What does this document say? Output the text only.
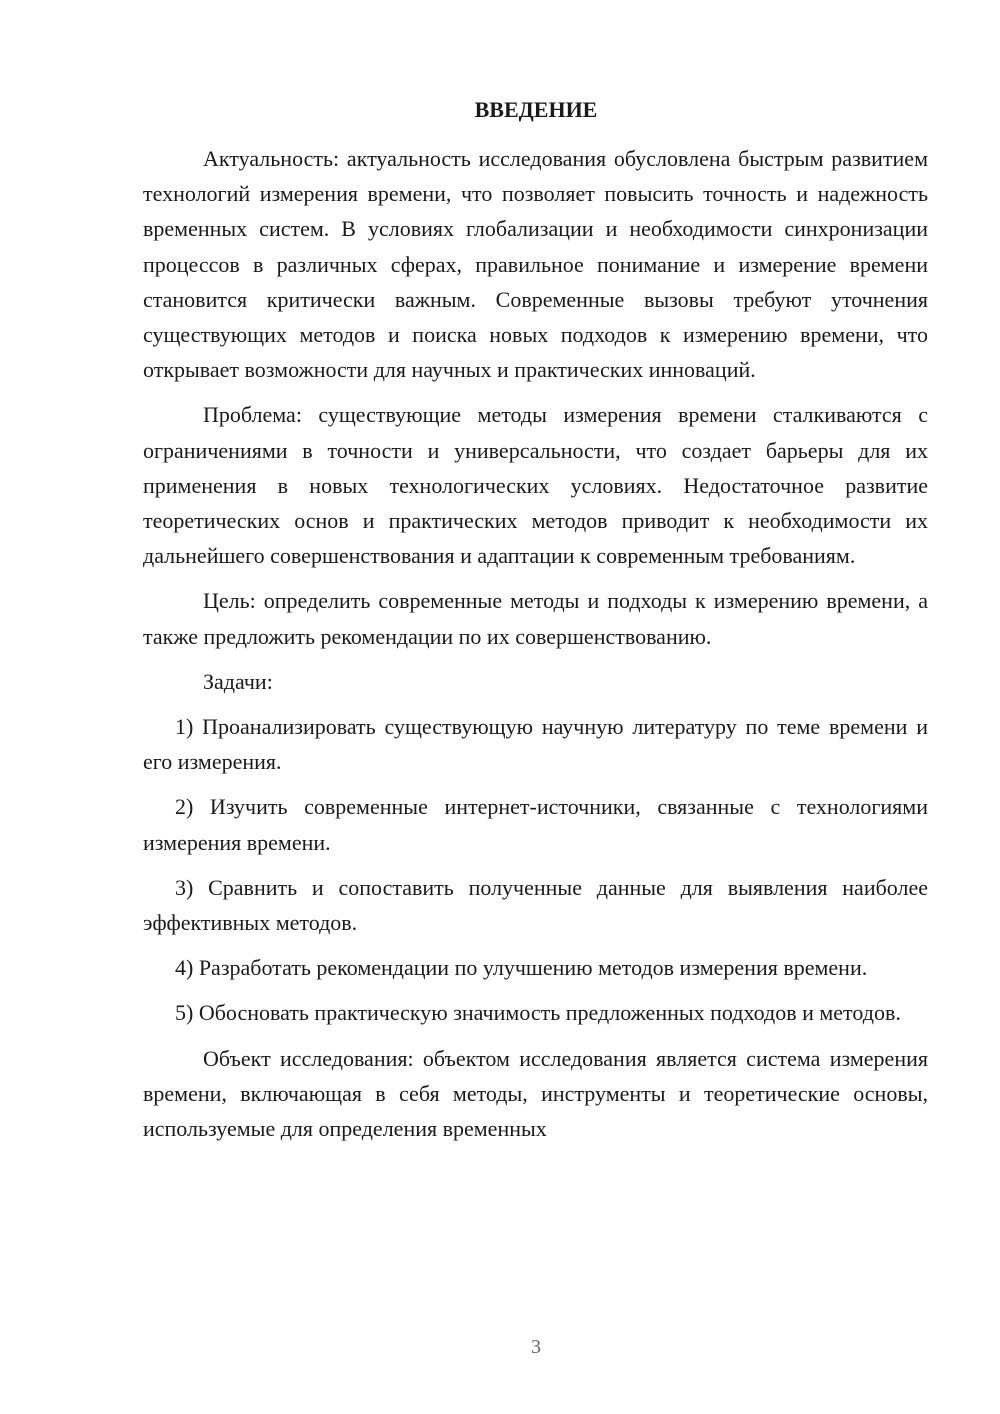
ВВЕДЕНИЕ

Актуальность: актуальность исследования обусловлена быстрым развитием технологий измерения времени, что позволяет повысить точность и надежность временных систем. В условиях глобализации и необходимости синхронизации процессов в различных сферах, правильное понимание и измерение времени становится критически важным. Современные вызовы требуют уточнения существующих методов и поиска новых подходов к измерению времени, что открывает возможности для научных и практических инноваций.

Проблема: существующие методы измерения времени сталкиваются с ограничениями в точности и универсальности, что создает барьеры для их применения в новых технологических условиях. Недостаточное развитие теоретических основ и практических методов приводит к необходимости их дальнейшего совершенствования и адаптации к современным требованиям.

Цель: определить современные методы и подходы к измерению времени, а также предложить рекомендации по их совершенствованию.

Задачи:

1) Проанализировать существующую научную литературу по теме времени и его измерения.

2) Изучить современные интернет-источники, связанные с технологиями измерения времени.

3) Сравнить и сопоставить полученные данные для выявления наиболее эффективных методов.

4) Разработать рекомендации по улучшению методов измерения времени.

5) Обосновать практическую значимость предложенных подходов и методов.

Объект исследования: объектом исследования является система измерения времени, включающая в себя методы, инструменты и теоретические основы, используемые для определения временных

3
